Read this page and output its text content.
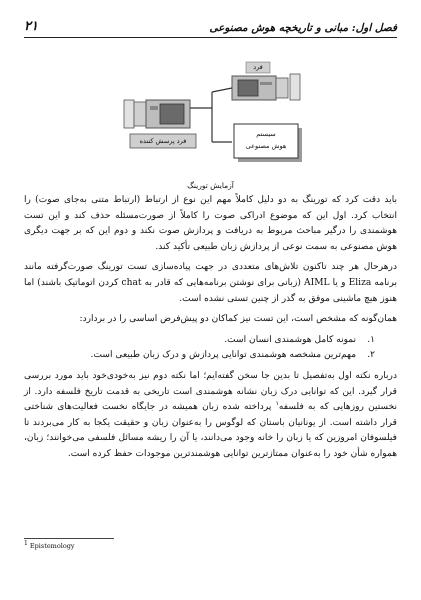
فصل اول: مبانی و تاریخچه هوش مصنوعی
۲۱
فرد
فرد پرسش کننده
سیستم
هوش مصنوعی
آزمایش تورینگ

باید دقت کرد که تورینگ به دو دلیل کاملاً مهم این نوع از ارتباط (ارتباط متنی به‌جای صوت) را انتخاب کرد. اول این که موضوع ادراکی صوت را کاملاً از صورت‌مسئله حذف کند و این تست هوشمندی را درگیر مباحث مربوط به دریافت و پردازش صوت نکند و دوم این که بر جهت دیگری هوش مصنوعی به سمت نوعی از پردازش زبان طبیعی تأکید کند.

درهرحال هر چند تاکنون تلاش‌های متعددی در جهت پیاده‌سازی تست تورینگ صورت‌گرفته مانند برنامه Eliza و یا AIML (زبانی برای نوشتن برنامه‌هایی که قادر به chat کردن اتوماتیک باشند) اما هنوز هیچ ماشینی موفق به گذر از چنین تستی نشده است.

همان‌گونه که مشخص است، این تست نیز کماکان دو پیش‌فرض اساسی را در بردارد:

۱. نمونه کامل هوشمندی انسان است.
۲. مهم‌ترین مشخصه هوشمندی توانایی پردازش و درک زبان طبیعی است.

درباره نکته اول به‌تفصیل تا بدین جا سخن گفته‌ایم؛ اما نکته دوم نیز به‌خودی‌خود باید مورد بررسی قرار گیرد. این که توانایی درک زبان نشانه هوشمندی است تاریخی به قدمت تاریخ فلسفه دارد. از نخستین روزهایی که به فلسفه$^۱$ پرداخته شده زبان همیشه در جایگاه نخست فعالیت‌های شناختی قرار داشته است. از یونانیان باستان که لوگوس را به‌عنوان زبان و حقیقت یکجا به کار می‌بردند تا فیلسوفان امروزین که یا زبان را خانه وجود می‌دانند، یا آن را ریشه مسائل فلسفی می‌خوانند؛ زبان، همواره شأن خود را به‌عنوان ممتازترین توانایی هوشمندترین موجودات حفظ کرده است.

$^1$ Epistemology
